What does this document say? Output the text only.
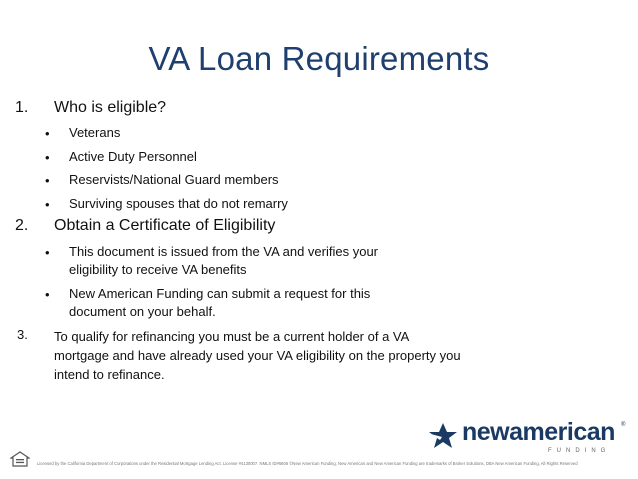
VA Loan Requirements
1. Who is eligible?
• Veterans
• Active Duty Personnel
• Reservists/National Guard members
• Surviving spouses that do not remarry
2. Obtain a Certificate of Eligibility
• This document is issued from the VA and verifies your eligibility to receive VA benefits
• New American Funding can submit a request for this document on your behalf.
3. To qualify for refinancing you must be a current holder of a VA mortgage and have already used your VA eligibility on the property you intend to refinance.
newamerican ®
FUNDING
Licensed by the California Department of Corporations under the Residential Mortgage Lending Act. License #4130007. NMLS ID#6606 ©New American Funding, New American and New American Funding are trademarks of Broker Solutions, DBA New American Funding, All Rights Reserved
